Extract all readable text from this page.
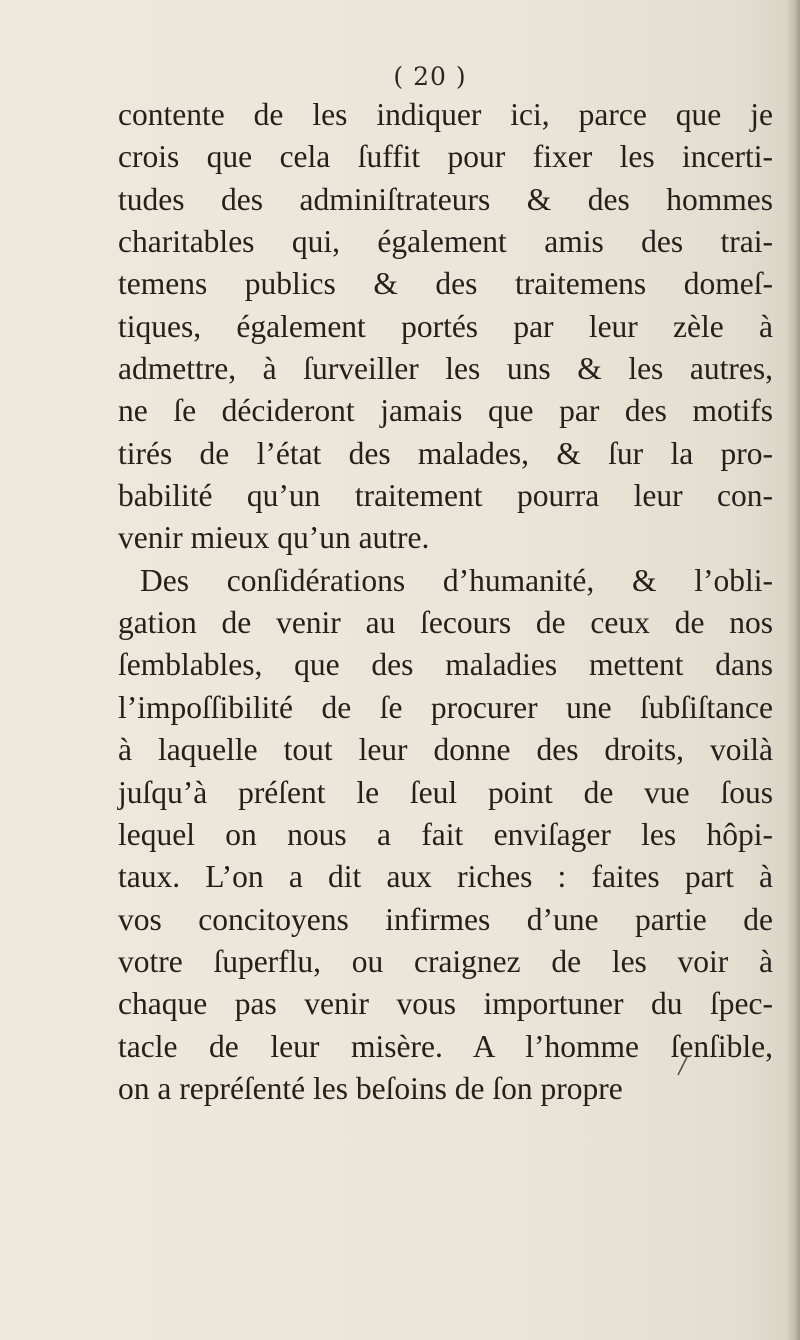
( 20 )
contente de les indiquer ici, parce que je
crois que cela ſuffit pour fixer les incerti-
tudes des adminiſtrateurs & des hommes
charitables qui, également amis des trai-
temens publics & des traitemens domeſ-
tiques, également portés par leur zèle à
admettre, à ſurveiller les uns & les autres,
ne ſe décideront jamais que par des motifs
tirés de l’état des malades, & ſur la pro-
babilité qu’un traitement pourra leur con-
venir mieux qu’un autre.
Des conſidérations d’humanité, & l’obli-
gation de venir au ſecours de ceux de nos
ſemblables, que des maladies mettent dans
l’impoſſibilité de ſe procurer une ſubſiſtance
à laquelle tout leur donne des droits, voilà
juſqu’à préſent le ſeul point de vue ſous
lequel on nous a fait enviſager les hôpi-
taux. L’on a dit aux riches : faites part à
vos concitoyens infirmes d’une partie de
votre ſuperflu, ou craignez de les voir à
chaque pas venir vous importuner du ſpec-
tacle de leur misère. A l’homme ſenſible,
on a repréſenté les beſoins de ſon propre
